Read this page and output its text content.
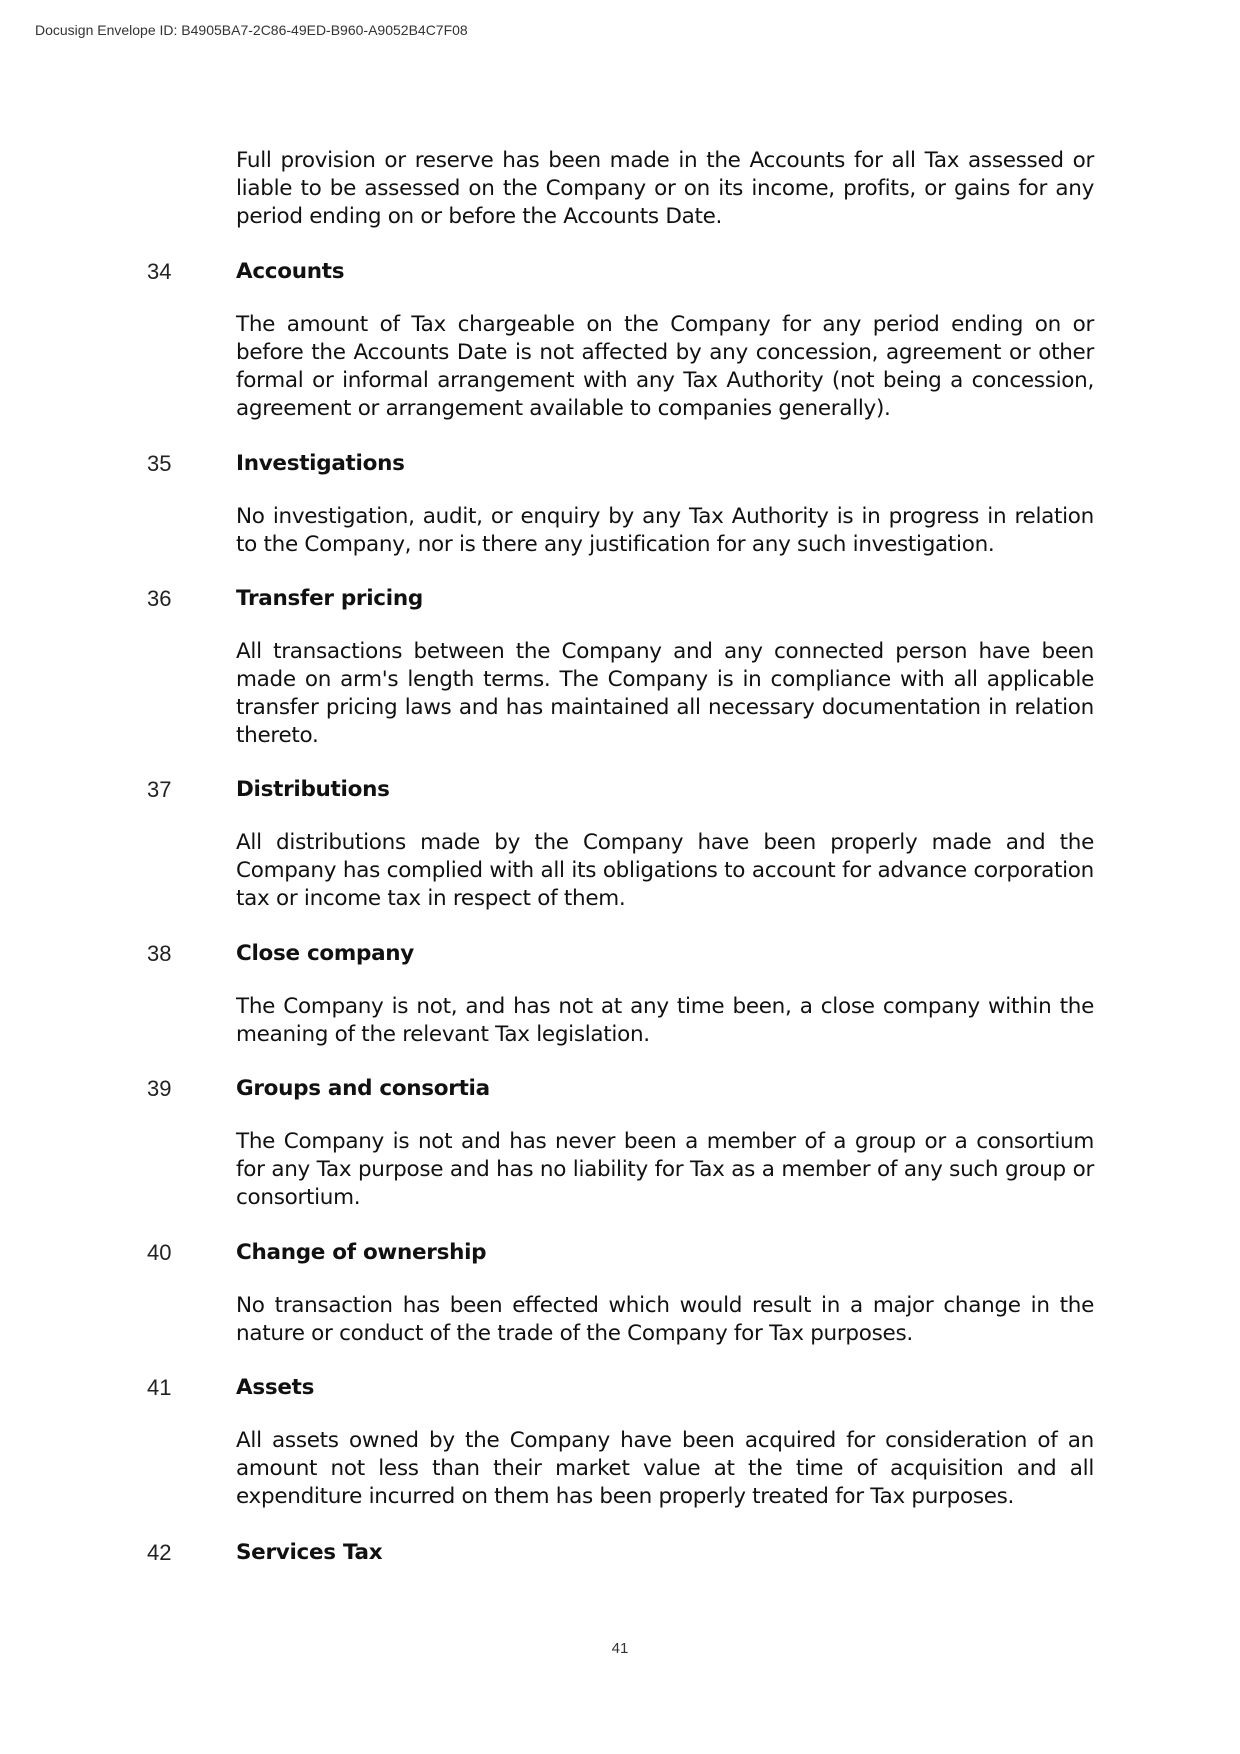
Docusign Envelope ID: B4905BA7-2C86-49ED-B960-A9052B4C7F08

Full provision or reserve has been made in the Accounts for all Tax assessed or liable to be assessed on the Company or on its income, profits, or gains for any period ending on or before the Accounts Date.

34	Accounts

The amount of Tax chargeable on the Company for any period ending on or before the Accounts Date is not affected by any concession, agreement or other formal or informal arrangement with any Tax Authority (not being a concession, agreement or arrangement available to companies generally).

35	Investigations

No investigation, audit, or enquiry by any Tax Authority is in progress in relation to the Company, nor is there any justification for any such investigation.

36	Transfer pricing

All transactions between the Company and any connected person have been made on arm's length terms. The Company is in compliance with all applicable transfer pricing laws and has maintained all necessary documentation in relation thereto.

37	Distributions

All distributions made by the Company have been properly made and the Company has complied with all its obligations to account for advance corporation tax or income tax in respect of them.

38	Close company

The Company is not, and has not at any time been, a close company within the meaning of the relevant Tax legislation.

39	Groups and consortia

The Company is not and has never been a member of a group or a consortium for any Tax purpose and has no liability for Tax as a member of any such group or consortium.

40	Change of ownership

No transaction has been effected which would result in a major change in the nature or conduct of the trade of the Company for Tax purposes.

41	Assets

All assets owned by the Company have been acquired for consideration of an amount not less than their market value at the time of acquisition and all expenditure incurred on them has been properly treated for Tax purposes.

42	Services Tax
41
